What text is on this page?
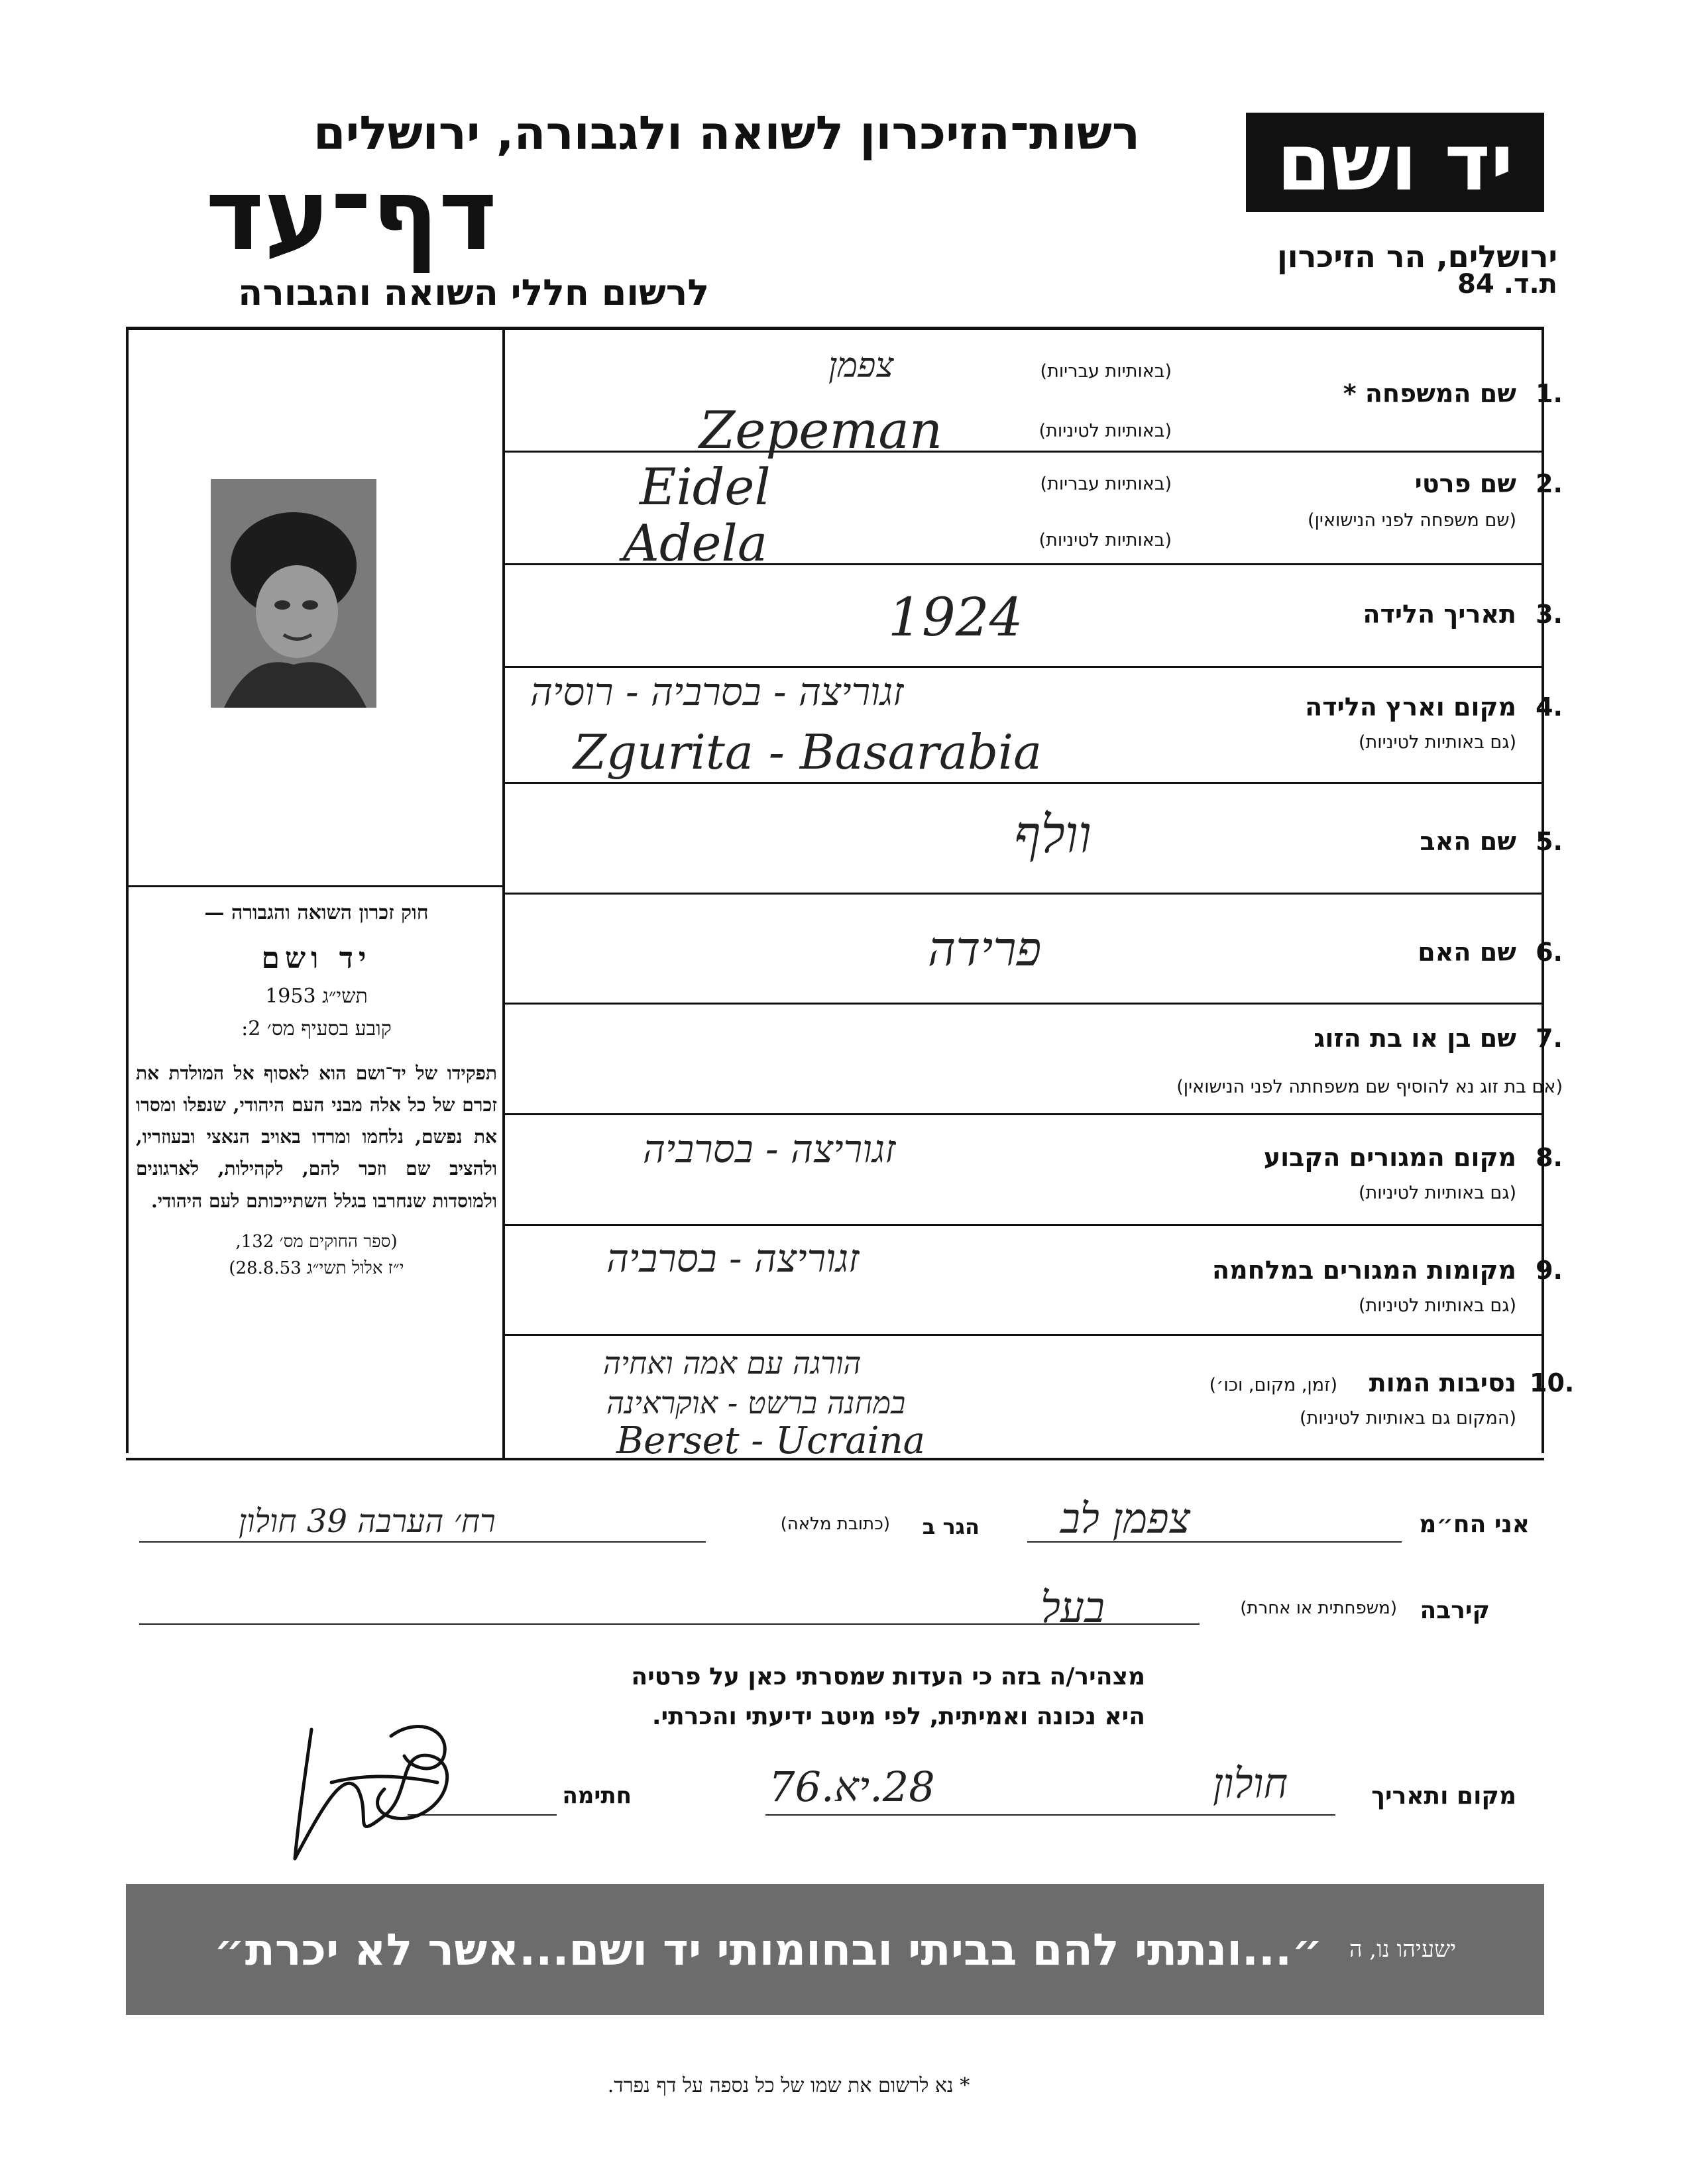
יד ושם
ירושלים, הר הזיכרון
ת.ד. 84
רשות־הזיכרון לשואה ולגבורה, ירושלים
דף־עד
לרשום חללי השואה והגבורה
1.
שם המשפחה *
(באותיות עבריות)
(באותיות לטיניות)
צפמן
Zepeman
2.
שם פרטי
(שם משפחה לפני הנישואין)
(באותיות עבריות)
(באותיות לטיניות)
Eidel
Adela
3.
תאריך הלידה
1924
4.
מקום וארץ הלידה
(גם באותיות לטיניות)
זגוריצה - בסרביה - רוסיה
Zgurita - Basarabia
5.
שם האב
וולף
6.
שם האם
פרידה
7.
שם בן או בת הזוג
(אם בת זוג נא להוסיף שם משפחתה לפני הנישואין)
8.
מקום המגורים הקבוע
(גם באותיות לטיניות)
זגוריצה - בסרביה
9.
מקומות המגורים במלחמה
(גם באותיות לטיניות)
זגוריצה - בסרביה
10.
נסיבות המות
(זמן, מקום, וכו׳)
(המקום גם באותיות לטיניות)
הורגה עם אמה ואחיה
במחנה ברשט - אוקראינה
Berset - Ucraina
חוק זכרון השואה והגבורה —
יד ושם
תשי״ג 1953
קובע בסעיף מס׳ 2:
תפקידו של יד־ושם הוא לאסוף אל המולדת את זכרם של כל אלה מבני העם היהודי, שנפלו ומסרו את נפשם, נלחמו ומרדו באויב הנאצי ובעוזריו, ולהציב שם וזכר להם, לקהילות, לארגונים ולמוסדות שנחרבו בגלל השתייכותם לעם היהודי.
(ספר החוקים מס׳ 132,
י״ז אלול תשי״ג 28.8.53)
אני הח״מ
צפמן לב
הגר ב
(כתובת מלאה)
רח׳ הערבה 39 חולון
קירבה
(משפחתית או אחרת)
בעל
מצהיר/ה בזה כי העדות שמסרתי כאן על פרטיה
היא נכונה ואמיתית, לפי מיטב ידיעתי והכרתי.
מקום ותאריך
חולון
28.יא.76
חתימה
ישעיהו נו, ה
״...ונתתי להם בביתי ובחומותי יד ושם...אשר לא יכרת״
* נא לרשום את שמו של כל נספה על דף נפרד.
